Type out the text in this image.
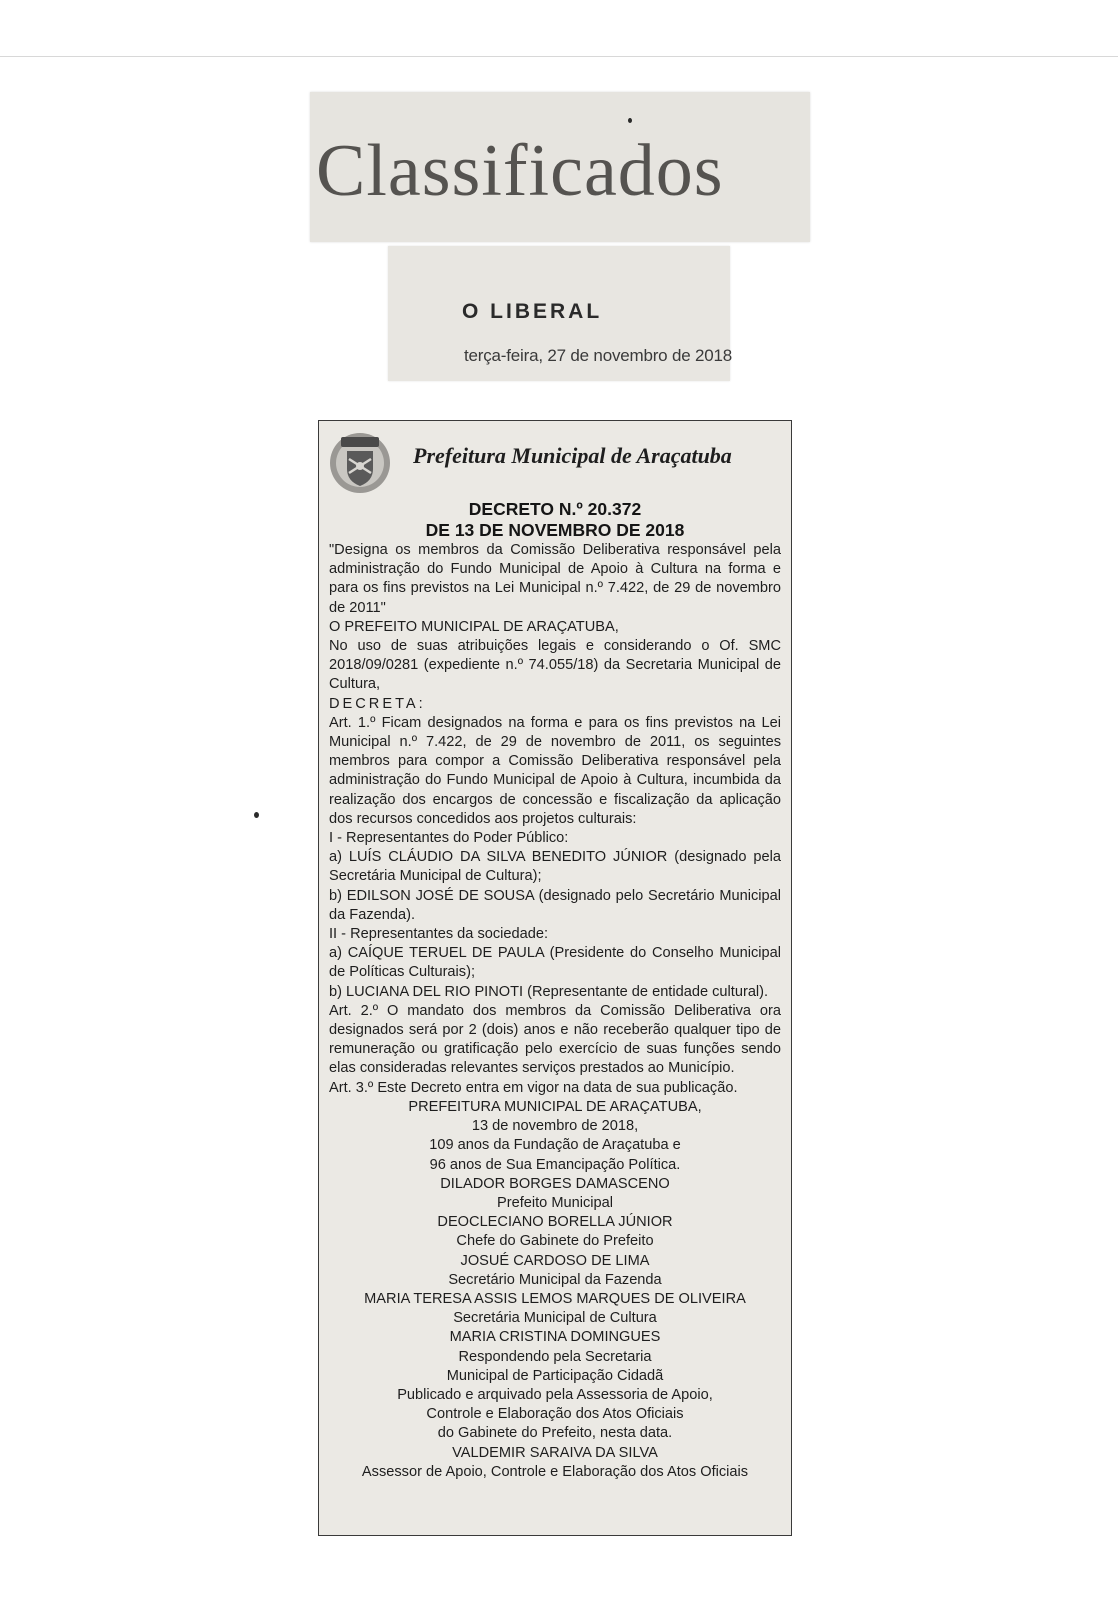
Classificados
O LIBERAL
terça-feira, 27 de novembro de 2018
Prefeitura Municipal de Araçatuba
DECRETO N.º 20.372
DE 13 DE NOVEMBRO DE 2018

"Designa os membros da Comissão Deliberativa responsável pela administração do Fundo Municipal de Apoio à Cultura na forma e para os fins previstos na Lei Municipal n.º 7.422, de 29 de novembro de 2011"

O PREFEITO MUNICIPAL DE ARAÇATUBA,

No uso de suas atribuições legais e considerando o Of. SMC 2018/09/0281 (expediente n.º 74.055/18) da Secretaria Municipal de Cultura,

DECRETA:

Art. 1.º Ficam designados na forma e para os fins previstos na Lei Municipal n.º 7.422, de 29 de novembro de 2011, os seguintes membros para compor a Comissão Deliberativa responsável pela administração do Fundo Municipal de Apoio à Cultura, incumbida da realização dos encargos de concessão e fiscalização da aplicação dos recursos concedidos aos projetos culturais:

I - Representantes do Poder Público:

a) LUÍS CLÁUDIO DA SILVA BENEDITO JÚNIOR (designado pela Secretária Municipal de Cultura);

b) EDILSON JOSÉ DE SOUSA (designado pelo Secretário Municipal da Fazenda).

II - Representantes da sociedade:

a) CAÍQUE TERUEL DE PAULA (Presidente do Conselho Municipal de Políticas Culturais);

b) LUCIANA DEL RIO PINOTI (Representante de entidade cultural).

Art. 2.º O mandato dos membros da Comissão Deliberativa ora designados será por 2 (dois) anos e não receberão qualquer tipo de remuneração ou gratificação pelo exercício de suas funções sendo elas consideradas relevantes serviços prestados ao Município.

Art. 3.º Este Decreto entra em vigor na data de sua publicação.

PREFEITURA MUNICIPAL DE ARAÇATUBA,

13 de novembro de 2018,

109 anos da Fundação de Araçatuba e

96 anos de Sua Emancipação Política.

DILADOR BORGES DAMASCENO

Prefeito Municipal

DEOCLECIANO BORELLA JÚNIOR

Chefe do Gabinete do Prefeito

JOSUÉ CARDOSO DE LIMA

Secretário Municipal da Fazenda

MARIA TERESA ASSIS LEMOS MARQUES DE OLIVEIRA

Secretária Municipal de Cultura

MARIA CRISTINA DOMINGUES

Respondendo pela Secretaria

Municipal de Participação Cidadã

Publicado e arquivado pela Assessoria de Apoio,

Controle e Elaboração dos Atos Oficiais

do Gabinete do Prefeito, nesta data.

VALDEMIR SARAIVA DA SILVA

Assessor de Apoio, Controle e Elaboração dos Atos Oficiais
